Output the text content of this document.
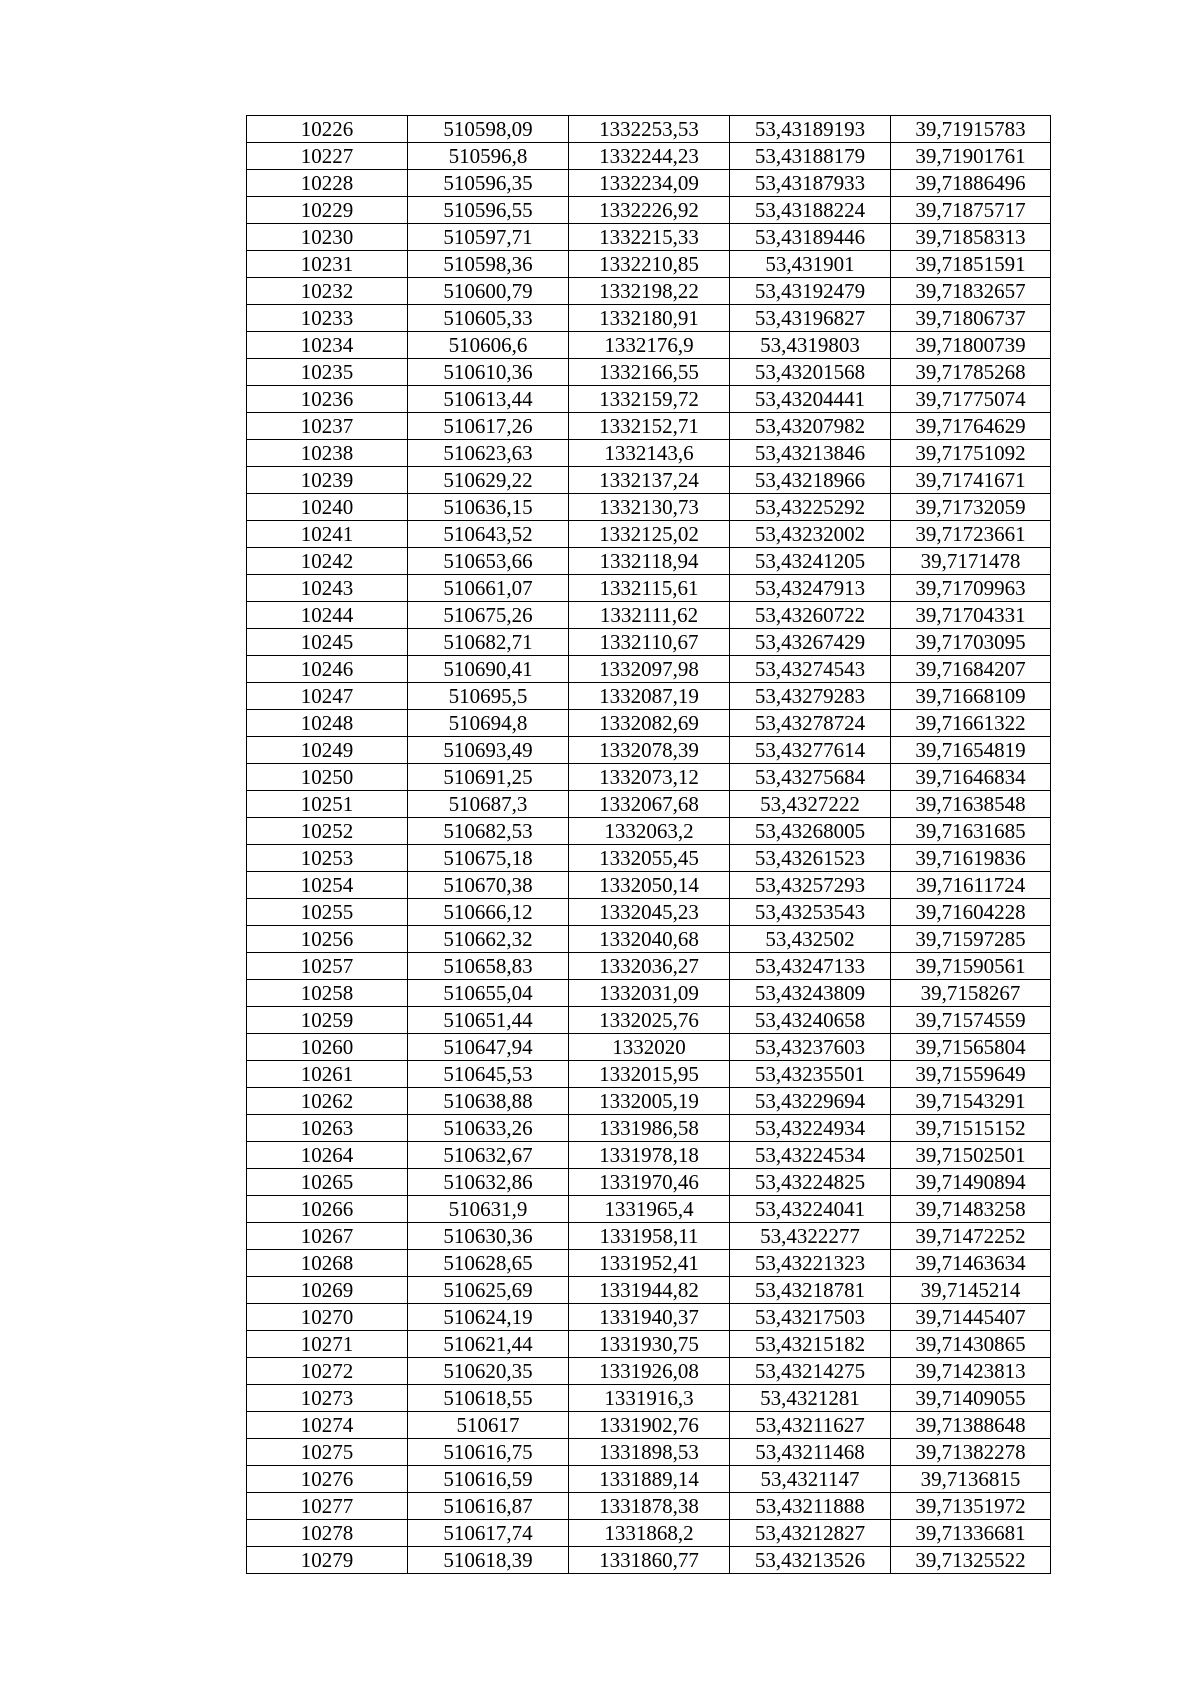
10226	510598,09	1332253,53	53,43189193	39,71915783
10227	510596,8	1332244,23	53,43188179	39,71901761
10228	510596,35	1332234,09	53,43187933	39,71886496
10229	510596,55	1332226,92	53,43188224	39,71875717
10230	510597,71	1332215,33	53,43189446	39,71858313
10231	510598,36	1332210,85	53,431901	39,71851591
10232	510600,79	1332198,22	53,43192479	39,71832657
10233	510605,33	1332180,91	53,43196827	39,71806737
10234	510606,6	1332176,9	53,4319803	39,71800739
10235	510610,36	1332166,55	53,43201568	39,71785268
10236	510613,44	1332159,72	53,43204441	39,71775074
10237	510617,26	1332152,71	53,43207982	39,71764629
10238	510623,63	1332143,6	53,43213846	39,71751092
10239	510629,22	1332137,24	53,43218966	39,71741671
10240	510636,15	1332130,73	53,43225292	39,71732059
10241	510643,52	1332125,02	53,43232002	39,71723661
10242	510653,66	1332118,94	53,43241205	39,7171478
10243	510661,07	1332115,61	53,43247913	39,71709963
10244	510675,26	1332111,62	53,43260722	39,71704331
10245	510682,71	1332110,67	53,43267429	39,71703095
10246	510690,41	1332097,98	53,43274543	39,71684207
10247	510695,5	1332087,19	53,43279283	39,71668109
10248	510694,8	1332082,69	53,43278724	39,71661322
10249	510693,49	1332078,39	53,43277614	39,71654819
10250	510691,25	1332073,12	53,43275684	39,71646834
10251	510687,3	1332067,68	53,4327222	39,71638548
10252	510682,53	1332063,2	53,43268005	39,71631685
10253	510675,18	1332055,45	53,43261523	39,71619836
10254	510670,38	1332050,14	53,43257293	39,71611724
10255	510666,12	1332045,23	53,43253543	39,71604228
10256	510662,32	1332040,68	53,432502	39,71597285
10257	510658,83	1332036,27	53,43247133	39,71590561
10258	510655,04	1332031,09	53,43243809	39,7158267
10259	510651,44	1332025,76	53,43240658	39,71574559
10260	510647,94	1332020	53,43237603	39,71565804
10261	510645,53	1332015,95	53,43235501	39,71559649
10262	510638,88	1332005,19	53,43229694	39,71543291
10263	510633,26	1331986,58	53,43224934	39,71515152
10264	510632,67	1331978,18	53,43224534	39,71502501
10265	510632,86	1331970,46	53,43224825	39,71490894
10266	510631,9	1331965,4	53,43224041	39,71483258
10267	510630,36	1331958,11	53,4322277	39,71472252
10268	510628,65	1331952,41	53,43221323	39,71463634
10269	510625,69	1331944,82	53,43218781	39,7145214
10270	510624,19	1331940,37	53,43217503	39,71445407
10271	510621,44	1331930,75	53,43215182	39,71430865
10272	510620,35	1331926,08	53,43214275	39,71423813
10273	510618,55	1331916,3	53,4321281	39,71409055
10274	510617	1331902,76	53,43211627	39,71388648
10275	510616,75	1331898,53	53,43211468	39,71382278
10276	510616,59	1331889,14	53,4321147	39,7136815
10277	510616,87	1331878,38	53,43211888	39,71351972
10278	510617,74	1331868,2	53,43212827	39,71336681
10279	510618,39	1331860,77	53,43213526	39,71325522
